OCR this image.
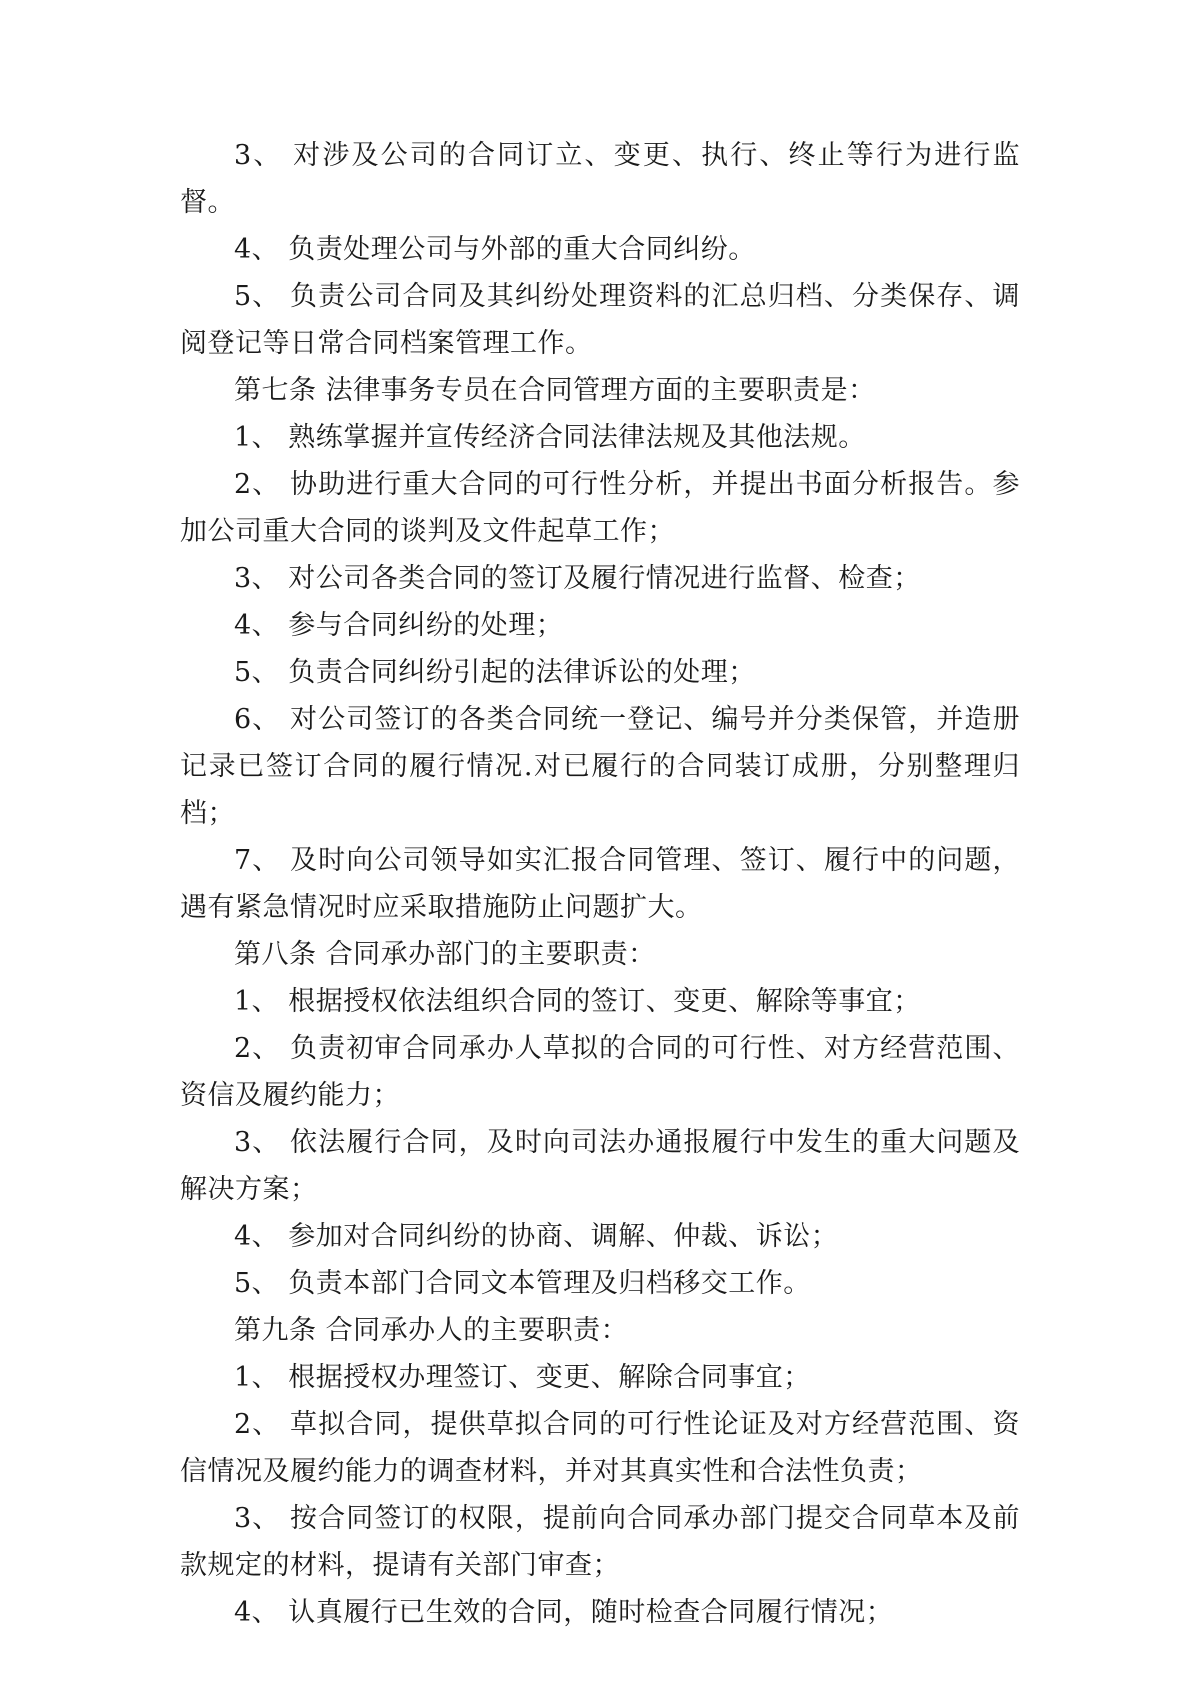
3、 对涉及公司的合同订立、变更、执行、终止等行为进行监督。

4、 负责处理公司与外部的重大合同纠纷。

5、 负责公司合同及其纠纷处理资料的汇总归档、分类保存、调阅登记等日常合同档案管理工作。

第七条 法律事务专员在合同管理方面的主要职责是：

1、 熟练掌握并宣传经济合同法律法规及其他法规。

2、 协助进行重大合同的可行性分析，并提出书面分析报告。参加公司重大合同的谈判及文件起草工作；

3、 对公司各类合同的签订及履行情况进行监督、检查；

4、 参与合同纠纷的处理；

5、 负责合同纠纷引起的法律诉讼的处理；

6、 对公司签订的各类合同统一登记、编号并分类保管，并造册记录已签订合同的履行情况.对已履行的合同装订成册，分别整理归档；

7、 及时向公司领导如实汇报合同管理、签订、履行中的问题，遇有紧急情况时应采取措施防止问题扩大。

第八条 合同承办部门的主要职责：

1、 根据授权依法组织合同的签订、变更、解除等事宜；

2、 负责初审合同承办人草拟的合同的可行性、对方经营范围、资信及履约能力；

3、 依法履行合同，及时向司法办通报履行中发生的重大问题及解决方案；

4、 参加对合同纠纷的协商、调解、仲裁、诉讼；

5、 负责本部门合同文本管理及归档移交工作。

第九条 合同承办人的主要职责：

1、 根据授权办理签订、变更、解除合同事宜；

2、 草拟合同，提供草拟合同的可行性论证及对方经营范围、资信情况及履约能力的调查材料，并对其真实性和合法性负责；

3、 按合同签订的权限，提前向合同承办部门提交合同草本及前款规定的材料，提请有关部门审查；

4、 认真履行已生效的合同，随时检查合同履行情况；
